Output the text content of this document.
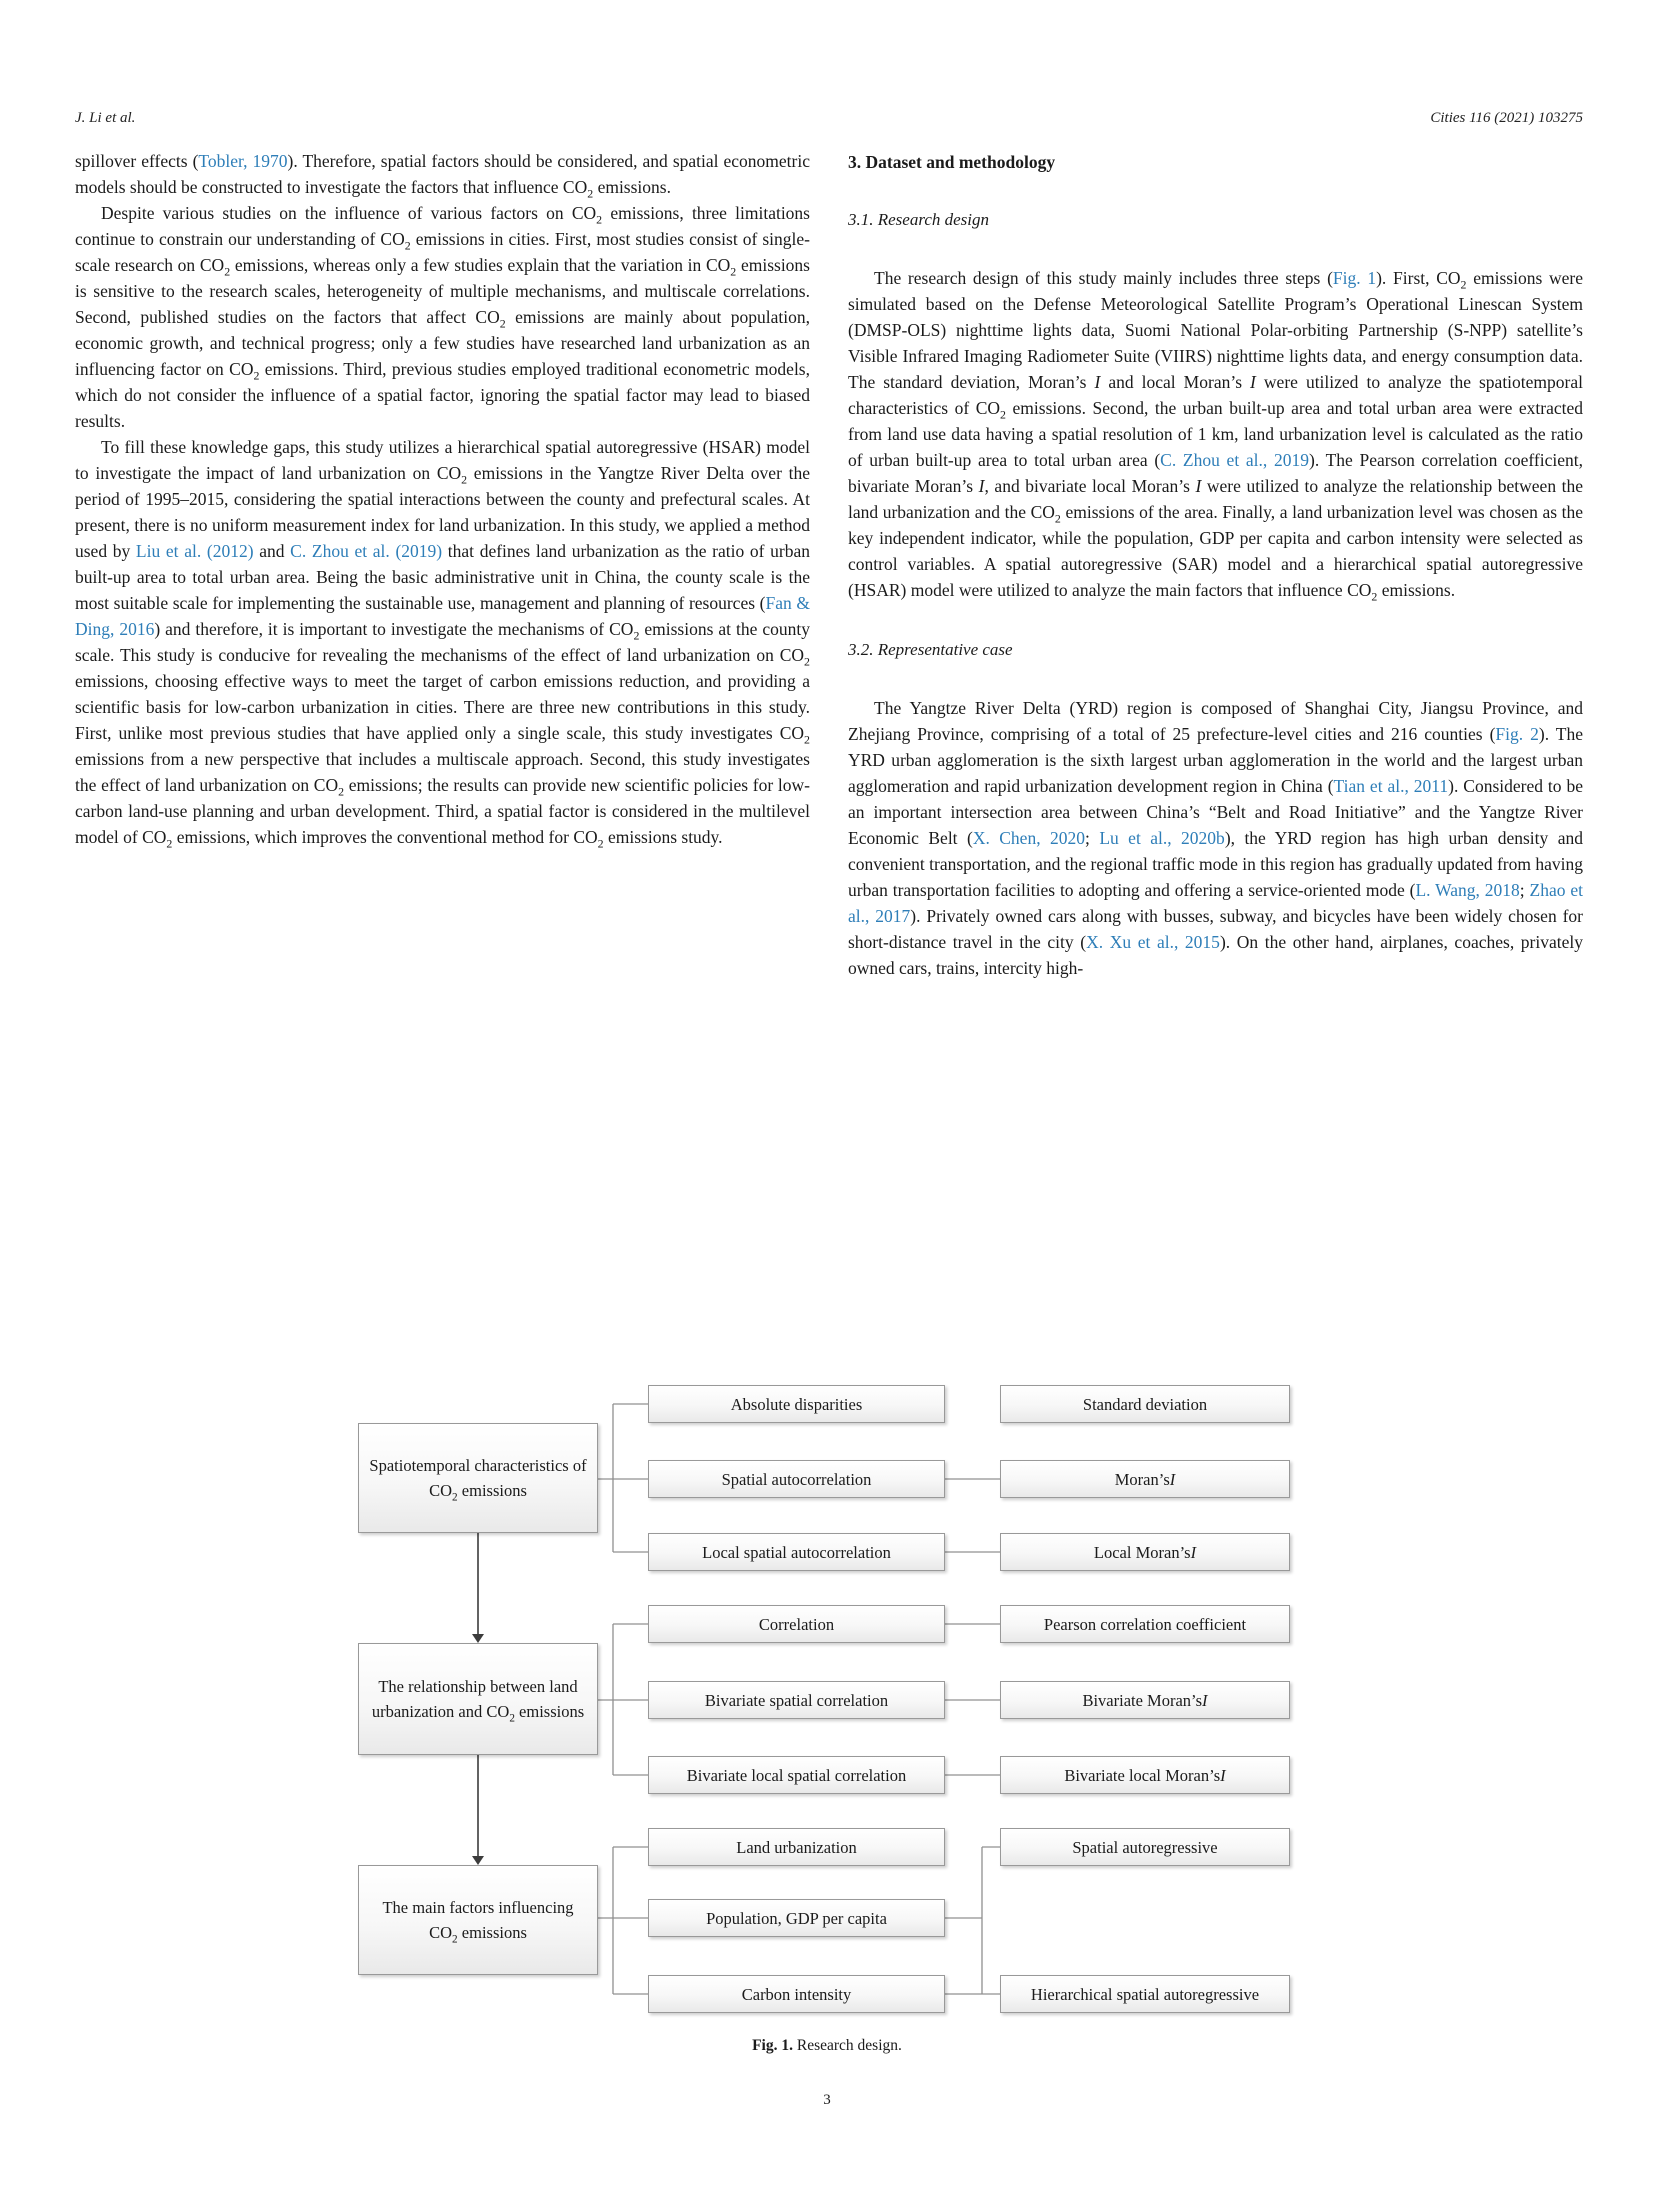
J. Li et al.	Cities 116 (2021) 103275

spillover effects (Tobler, 1970). Therefore, spatial factors should be considered, and spatial econometric models should be constructed to investigate the factors that influence $CO_2$ emissions.

Despite various studies on the influence of various factors on $CO_2$ emissions, three limitations continue to constrain our understanding of $CO_2$ emissions in cities. First, most studies consist of single-scale research on $CO_2$ emissions, whereas only a few studies explain that the variation in $CO_2$ emissions is sensitive to the research scales, heterogeneity of multiple mechanisms, and multiscale correlations. Second, published studies on the factors that affect $CO_2$ emissions are mainly about population, economic growth, and technical progress; only a few studies have researched land urbanization as an influencing factor on $CO_2$ emissions. Third, previous studies employed traditional econometric models, which do not consider the influence of a spatial factor, ignoring the spatial factor may lead to biased results.

To fill these knowledge gaps, this study utilizes a hierarchical spatial autoregressive (HSAR) model to investigate the impact of land urbanization on $CO_2$ emissions in the Yangtze River Delta over the period of 1995–2015, considering the spatial interactions between the county and prefectural scales. At present, there is no uniform measurement index for land urbanization. In this study, we applied a method used by Liu et al. (2012) and C. Zhou et al. (2019) that defines land urbanization as the ratio of urban built-up area to total urban area. Being the basic administrative unit in China, the county scale is the most suitable scale for implementing the sustainable use, management and planning of resources (Fan & Ding, 2016) and therefore, it is important to investigate the mechanisms of $CO_2$ emissions at the county scale. This study is conducive for revealing the mechanisms of the effect of land urbanization on $CO_2$ emissions, choosing effective ways to meet the target of carbon emissions reduction, and providing a scientific basis for low-carbon urbanization in cities. There are three new contributions in this study. First, unlike most previous studies that have applied only a single scale, this study investigates $CO_2$ emissions from a new perspective that includes a multiscale approach. Second, this study investigates the effect of land urbanization on $CO_2$ emissions; the results can provide new scientific policies for low-carbon land-use planning and urban development. Third, a spatial factor is considered in the multilevel model of $CO_2$ emissions, which improves the conventional method for $CO_2$ emissions study.

3. Dataset and methodology
3.1. Research design

The research design of this study mainly includes three steps (Fig. 1). First, $CO_2$ emissions were simulated based on the Defense Meteorological Satellite Program’s Operational Linescan System (DMSP-OLS) nighttime lights data, Suomi National Polar-orbiting Partnership (S-NPP) satellite’s Visible Infrared Imaging Radiometer Suite (VIIRS) nighttime lights data, and energy consumption data. The standard deviation, Moran’s I and local Moran’s I were utilized to analyze the spatiotemporal characteristics of $CO_2$ emissions. Second, the urban built-up area and total urban area were extracted from land use data having a spatial resolution of 1 km, land urbanization level is calculated as the ratio of urban built-up area to total urban area (C. Zhou et al., 2019). The Pearson correlation coefficient, bivariate Moran’s I, and bivariate local Moran’s I were utilized to analyze the relationship between the land urbanization and the $CO_2$ emissions of the area. Finally, a land urbanization level was chosen as the key independent indicator, while the population, GDP per capita and carbon intensity were selected as control variables. A spatial autoregressive (SAR) model and a hierarchical spatial autoregressive (HSAR) model were utilized to analyze the main factors that influence $CO_2$ emissions.

3.2. Representative case

The Yangtze River Delta (YRD) region is composed of Shanghai City, Jiangsu Province, and Zhejiang Province, comprising of a total of 25 prefecture-level cities and 216 counties (Fig. 2). The YRD urban agglomeration is the sixth largest urban agglomeration in the world and the largest urban agglomeration and rapid urbanization development region in China (Tian et al., 2011). Considered to be an important intersection area between China’s “Belt and Road Initiative” and the Yangtze River Economic Belt (X. Chen, 2020; Lu et al., 2020b), the YRD region has high urban density and convenient transportation, and the regional traffic mode in this region has gradually updated from having urban transportation facilities to adopting and offering a service-oriented mode (L. Wang, 2018; Zhao et al., 2017). Privately owned cars along with busses, subway, and bicycles have been widely chosen for short-distance travel in the city (X. Xu et al., 2015). On the other hand, airplanes, coaches, privately owned cars, trains, intercity high-

Spatiotemporal characteristics of $CO_2$ emissions
The relationship between land urbanization and $CO_2$ emissions
The main factors influencing $CO_2$ emissions
Absolute disparities
Spatial autocorrelation
Local spatial autocorrelation
Correlation
Bivariate spatial correlation
Bivariate local spatial correlation
Land urbanization
Population, GDP per capita
Carbon intensity
Standard deviation
Moran’s I
Local Moran’s I
Pearson correlation coefficient
Bivariate Moran’s I
Bivariate local Moran’s I
Spatial autoregressive
Hierarchical spatial autoregressive
Fig. 1. Research design.
3
